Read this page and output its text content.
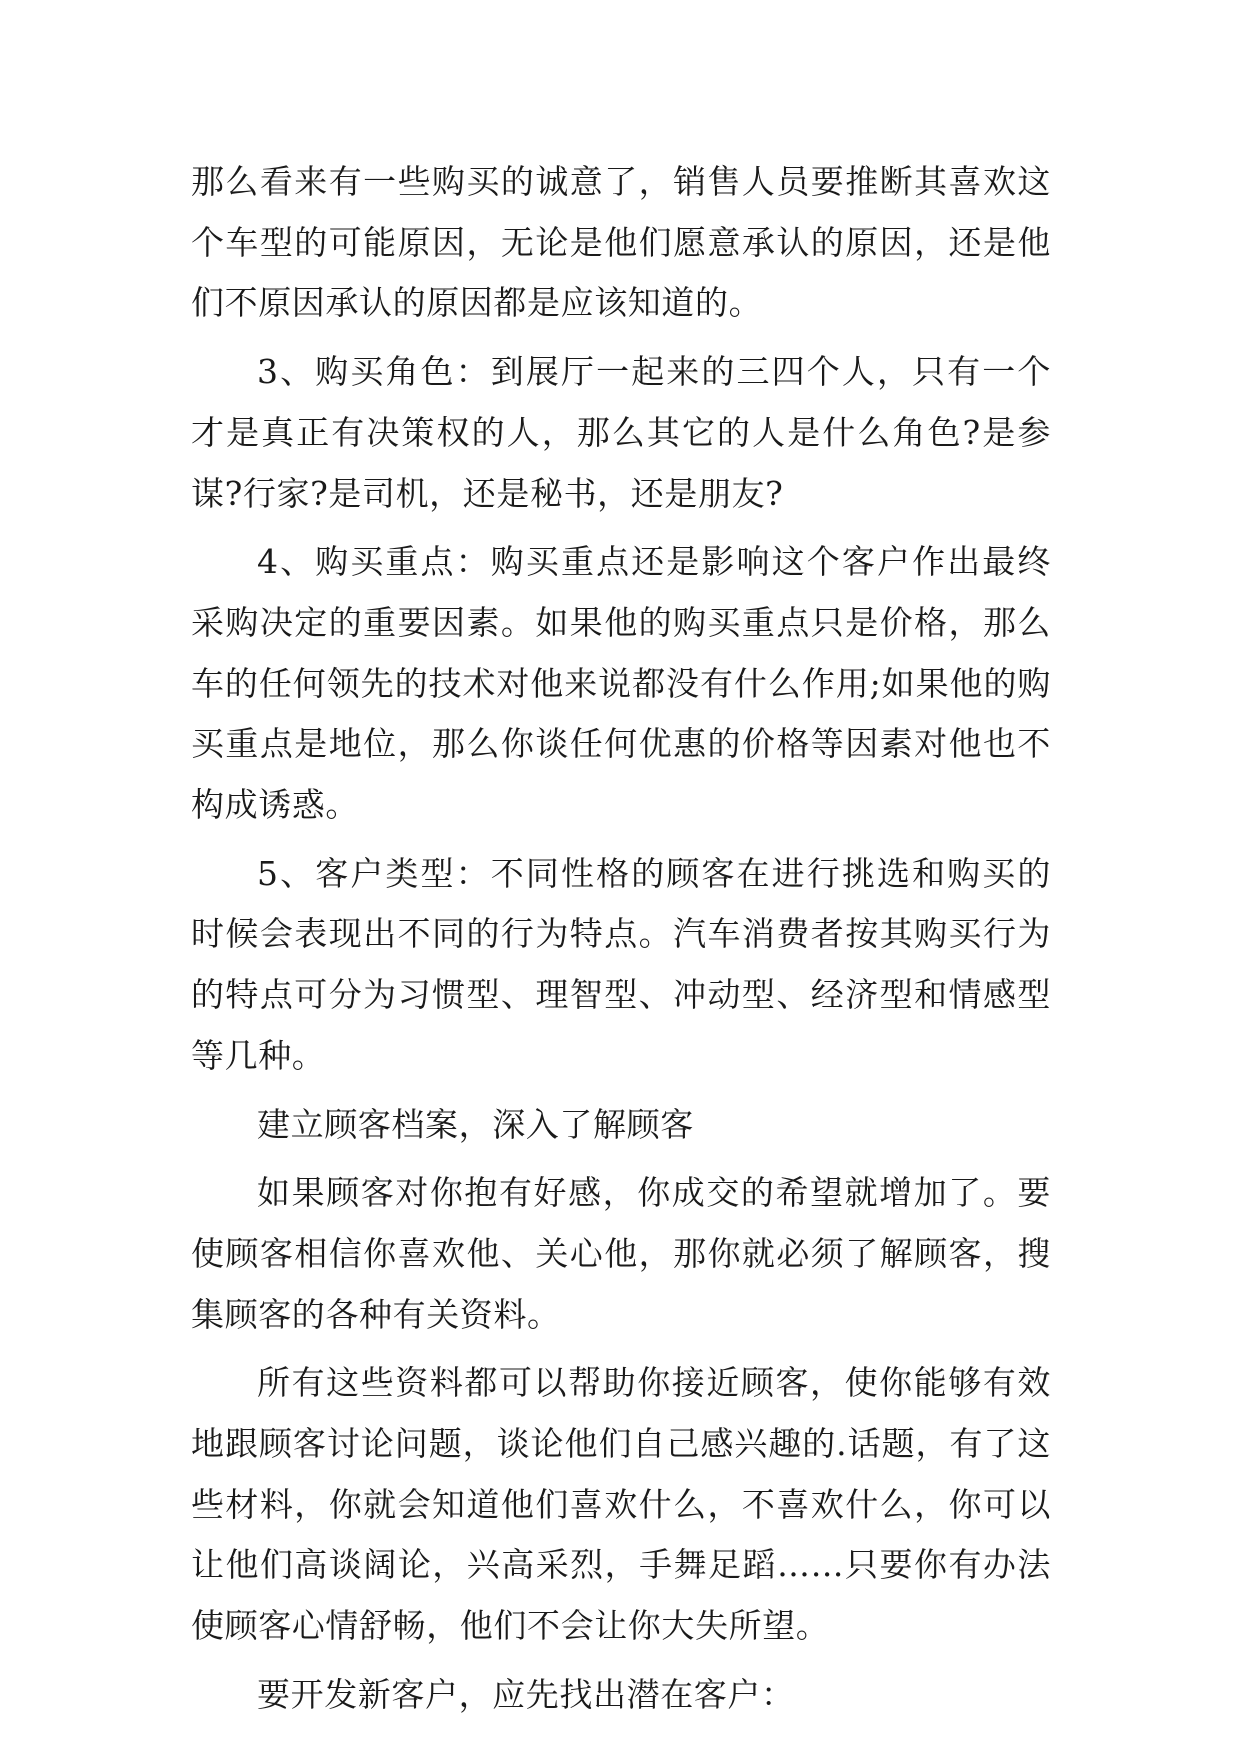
那么看来有一些购买的诚意了，销售人员要推断其喜欢这个车型的可能原因，无论是他们愿意承认的原因，还是他们不原因承认的原因都是应该知道的。

3、购买角色：到展厅一起来的三四个人，只有一个才是真正有决策权的人，那么其它的人是什么角色?是参谋?行家?是司机，还是秘书，还是朋友?

4、购买重点：购买重点还是影响这个客户作出最终采购决定的重要因素。如果他的购买重点只是价格，那么车的任何领先的技术对他来说都没有什么作用;如果他的购买重点是地位，那么你谈任何优惠的价格等因素对他也不构成诱惑。

5、客户类型：不同性格的顾客在进行挑选和购买的时候会表现出不同的行为特点。汽车消费者按其购买行为的特点可分为习惯型、理智型、冲动型、经济型和情感型等几种。

建立顾客档案，深入了解顾客

如果顾客对你抱有好感，你成交的希望就增加了。要使顾客相信你喜欢他、关心他，那你就必须了解顾客，搜集顾客的各种有关资料。

所有这些资料都可以帮助你接近顾客，使你能够有效地跟顾客讨论问题，谈论他们自己感兴趣的.话题，有了这些材料，你就会知道他们喜欢什么，不喜欢什么，你可以让他们高谈阔论，兴高采烈，手舞足蹈……只要你有办法使顾客心情舒畅，他们不会让你大失所望。

要开发新客户，应先找出潜在客户：
